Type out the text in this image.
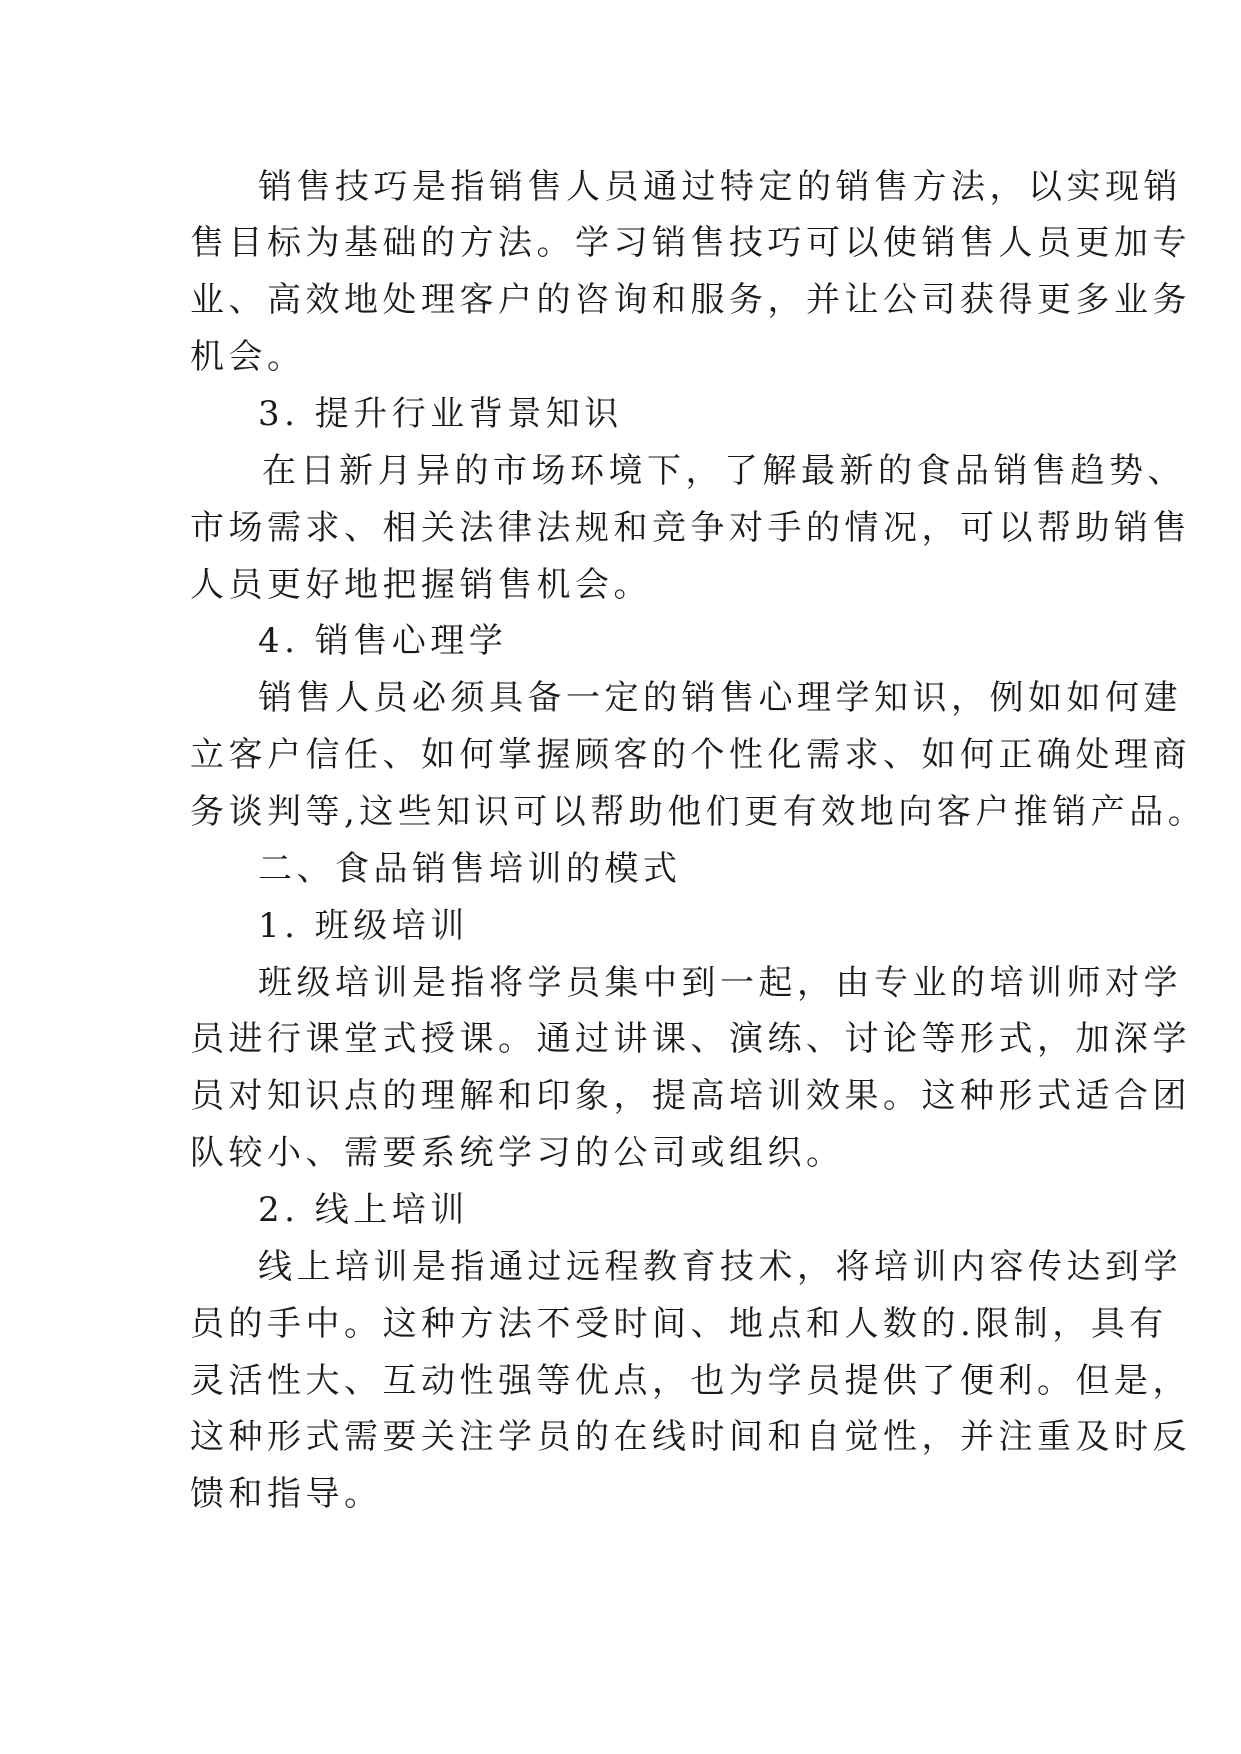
销售技巧是指销售人员通过特定的销售方法，以实现销
售目标为基础的方法。学习销售技巧可以使销售人员更加专
业、高效地处理客户的咨询和服务，并让公司获得更多业务
机会。
3. 提升行业背景知识
在日新月异的市场环境下，了解最新的食品销售趋势、
市场需求、相关法律法规和竞争对手的情况，可以帮助销售
人员更好地把握销售机会。
4. 销售心理学
销售人员必须具备一定的销售心理学知识，例如如何建
立客户信任、如何掌握顾客的个性化需求、如何正确处理商
务谈判等,这些知识可以帮助他们更有效地向客户推销产品。
二、食品销售培训的模式
1. 班级培训
班级培训是指将学员集中到一起，由专业的培训师对学
员进行课堂式授课。通过讲课、演练、讨论等形式，加深学
员对知识点的理解和印象，提高培训效果。这种形式适合团
队较小、需要系统学习的公司或组织。
2. 线上培训
线上培训是指通过远程教育技术，将培训内容传达到学
员的手中。这种方法不受时间、地点和人数的.限制，具有
灵活性大、互动性强等优点，也为学员提供了便利。但是，
这种形式需要关注学员的在线时间和自觉性，并注重及时反
馈和指导。
